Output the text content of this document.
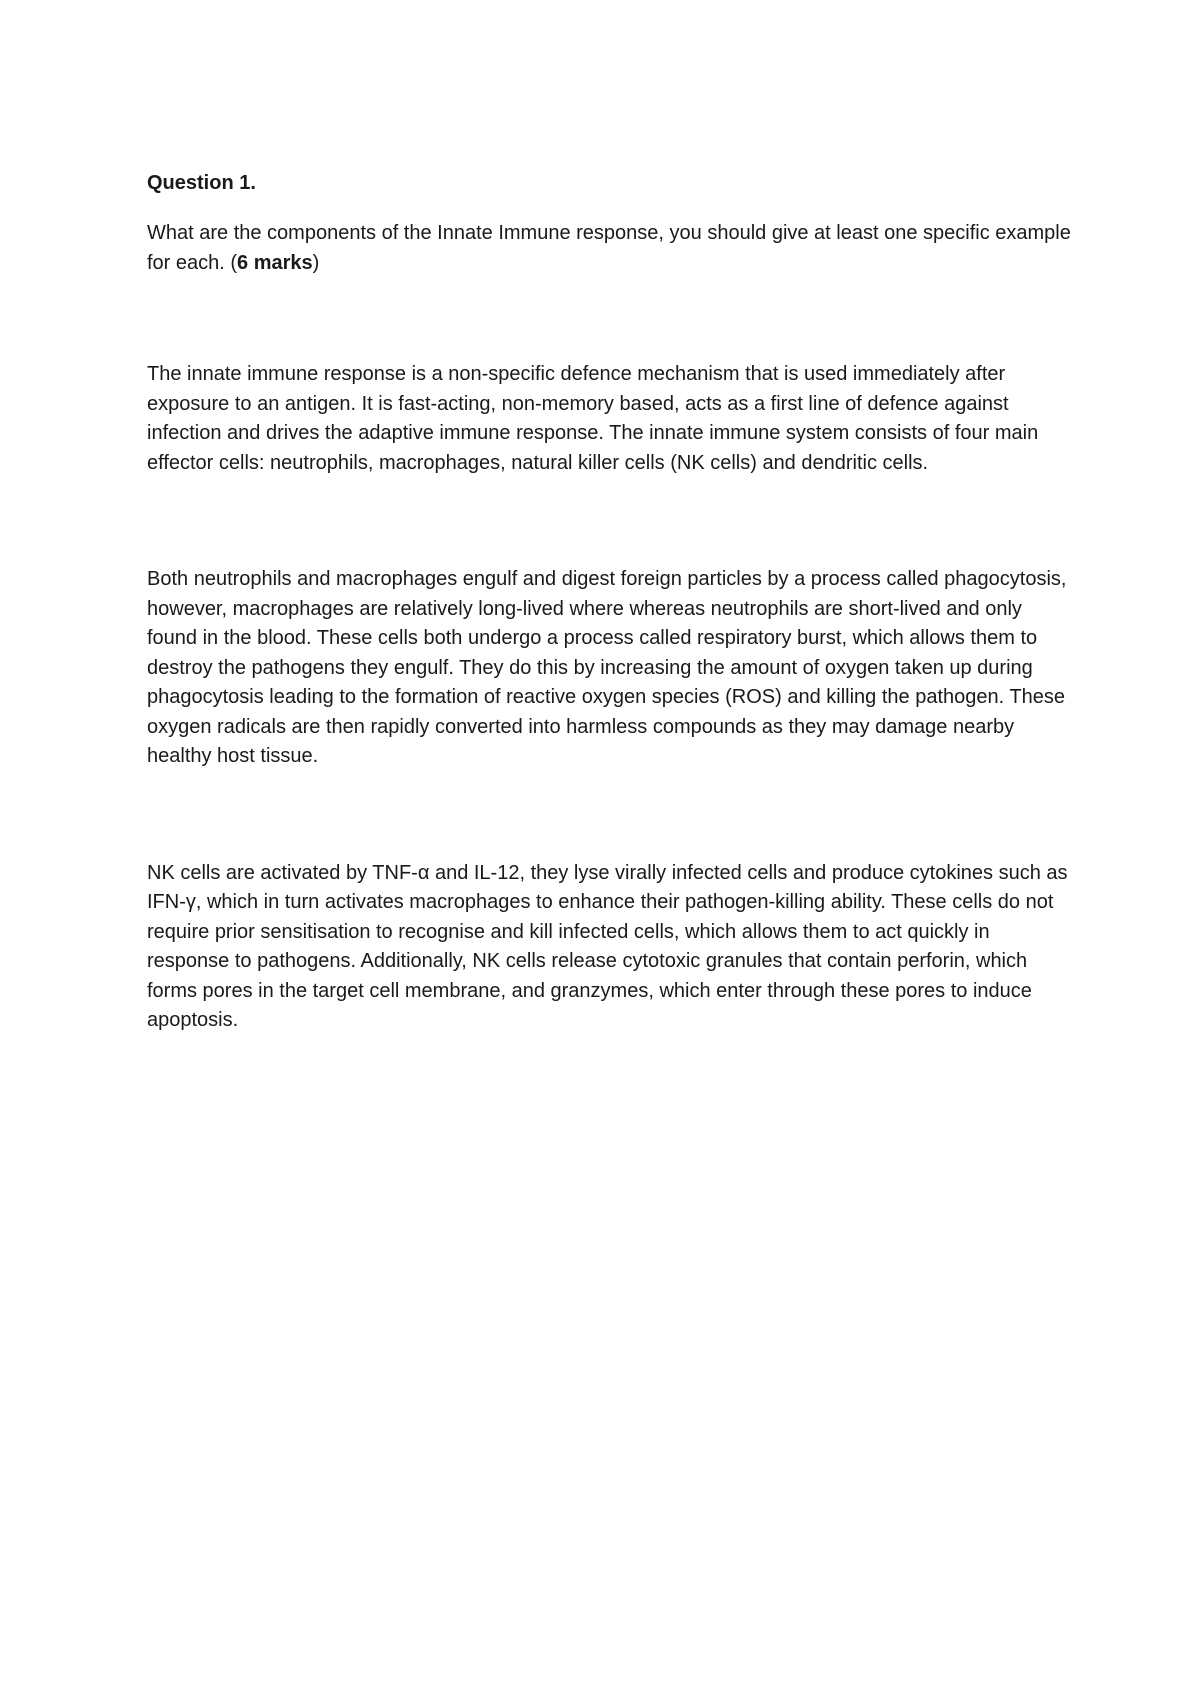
Question 1.

What are the components of the Innate Immune response, you should give at least one specific example for each. (6 marks)

The innate immune response is a non-specific defence mechanism that is used immediately after exposure to an antigen. It is fast-acting, non-memory based, acts as a first line of defence against infection and drives the adaptive immune response. The innate immune system consists of four main effector cells: neutrophils, macrophages, natural killer cells (NK cells) and dendritic cells.

Both neutrophils and macrophages engulf and digest foreign particles by a process called phagocytosis, however, macrophages are relatively long-lived where whereas neutrophils are short-lived and only found in the blood. These cells both undergo a process called respiratory burst, which allows them to destroy the pathogens they engulf. They do this by increasing the amount of oxygen taken up during phagocytosis leading to the formation of reactive oxygen species (ROS) and killing the pathogen. These oxygen radicals are then rapidly converted into harmless compounds as they may damage nearby healthy host tissue.

NK cells are activated by TNF-α and IL-12, they lyse virally infected cells and produce cytokines such as IFN-γ, which in turn activates macrophages to enhance their pathogen-killing ability. These cells do not require prior sensitisation to recognise and kill infected cells, which allows them to act quickly in response to pathogens. Additionally, NK cells release cytotoxic granules that contain perforin, which forms pores in the target cell membrane, and granzymes, which enter through these pores to induce apoptosis.
